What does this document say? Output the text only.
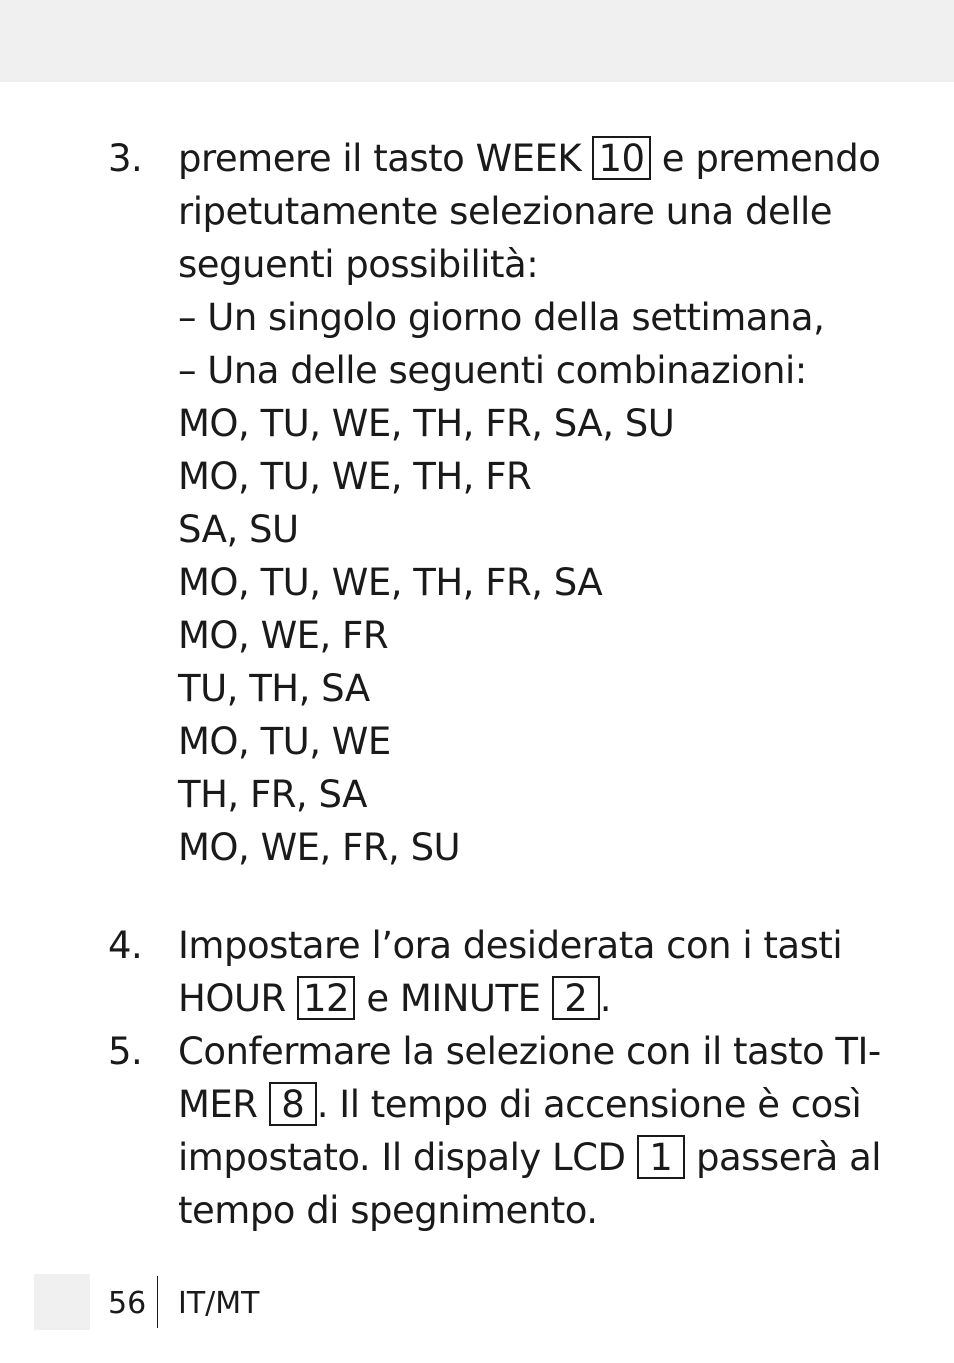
3. premere il tasto WEEK 10 e premendo
ripetutamente selezionare una delle
seguenti possibilità:
– Un singolo giorno della settimana,
– Una delle seguenti combinazioni:
MO, TU, WE, TH, FR, SA, SU
MO, TU, WE, TH, FR
SA, SU
MO, TU, WE, TH, FR, SA
MO, WE, FR
TU, TH, SA
MO, TU, WE
TH, FR, SA
MO, WE, FR, SU
4. Impostare l’ora desiderata con i tasti
HOUR 12 e MINUTE 2 .
5. Confermare la selezione con il tasto TI-
MER 8 . Il tempo di accensione è così
impostato. Il dispaly LCD 1 passerà al
tempo di spegnimento.
56 IT/MT
